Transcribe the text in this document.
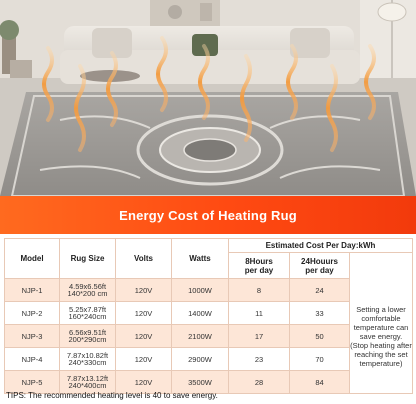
Energy Cost of Heating Rug
Model	Rug Size	Volts	Watts	Estimated Cost Per Day:kWh		
				8Hours
per day	24Houurs
per day	
NJP-1	4.59x6.56ft
140*200 cm	120V	1000W	8	24	Setting a lower comfortable temperature can save energy. (Stop heating after reaching the set temperature)
NJP-2	5.25x7.87ft
160*240cm	120V	1400W	11	33	
NJP-3	6.56x9.51ft
200*290cm	120V	2100W	17	50	
NJP-4	7.87x10.82ft
240*330cm	120V	2900W	23	70	
NJP-5	7.87x13.12ft
240*400cm	120V	3500W	28	84	
TIPS: The recommended heating level is 40 to save energy.
